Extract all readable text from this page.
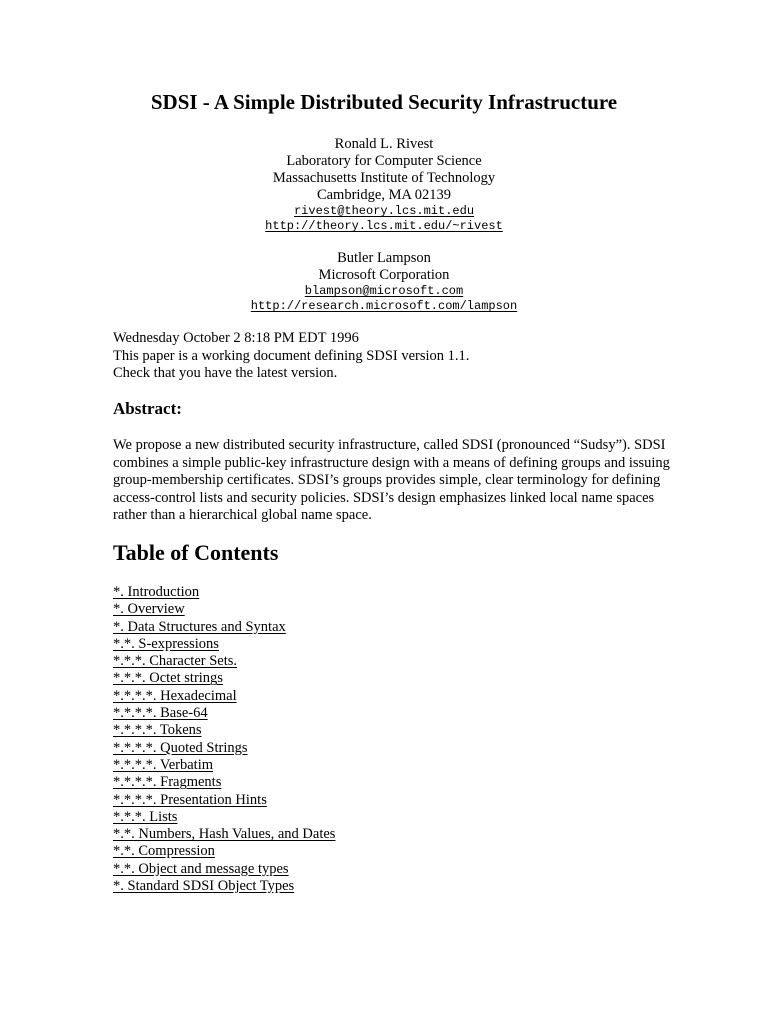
SDSI - A Simple Distributed Security Infrastructure
Ronald L. Rivest
Laboratory for Computer Science
Massachusetts Institute of Technology
Cambridge, MA 02139
rivest@theory.lcs.mit.edu
http://theory.lcs.mit.edu/~rivest
Butler Lampson
Microsoft Corporation
blampson@microsoft.com
http://research.microsoft.com/lampson
Wednesday October 2 8:18 PM EDT 1996
This paper is a working document defining SDSI version 1.1.
Check that you have the latest version.
Abstract:

We propose a new distributed security infrastructure, called SDSI (pronounced “Sudsy”). SDSI combines a simple public-key infrastructure design with a means of defining groups and issuing group-membership certificates. SDSI’s groups provides simple, clear terminology for defining access-control lists and security policies. SDSI’s design emphasizes linked local name spaces rather than a hierarchical global name space.

Table of Contents
*. Introduction
*. Overview
*. Data Structures and Syntax
*.*. S-expressions
*.*.*. Character Sets.
*.*.*. Octet strings
*.*.*.*. Hexadecimal
*.*.*.*. Base-64
*.*.*.*. Tokens
*.*.*.*. Quoted Strings
*.*.*.*. Verbatim
*.*.*.*. Fragments
*.*.*.*. Presentation Hints
*.*.*. Lists
*.*. Numbers, Hash Values, and Dates
*.*. Compression
*.*. Object and message types
*. Standard SDSI Object Types
